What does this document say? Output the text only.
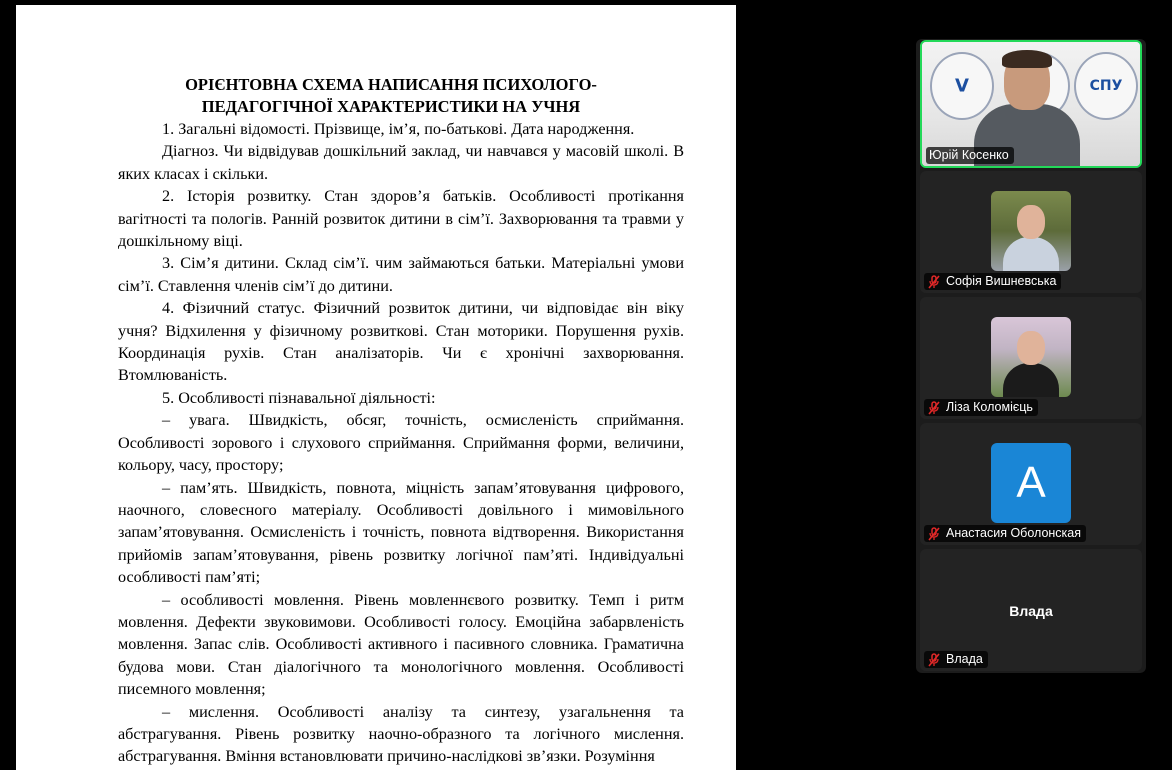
ОРІЄНТОВНА СХЕМА НАПИСАННЯ ПСИХОЛОГО-
ПЕДАГОГІЧНОЇ ХАРАКТЕРИСТИКИ НА УЧНЯ

1. Загальні відомості. Прізвище, ім’я, по-батькові. Дата народження.

Діагноз. Чи відвідував дошкільний заклад, чи навчався у масовій школі. В яких класах і скільки.

2. Історія розвитку. Стан здоров’я батьків. Особливості протікання вагітності та пологів. Ранній розвиток дитини в сім’ї. Захворювання та травми у дошкільному віці.

3. Сім’я дитини. Склад сім’ї. чим займаються батьки. Матеріальні умови сім’ї. Ставлення членів сім’ї до дитини.

4. Фізичний статус. Фізичний розвиток дитини, чи відповідає він віку учня? Відхилення у фізичному розвиткові. Стан моторики. Порушення рухів. Координація рухів. Стан аналізаторів. Чи є хронічні захворювання. Втомлюваність.

5. Особливості пізнавальної діяльності:

– увага. Швидкість, обсяг, точність, осмисленість сприймання. Особливості зорового і слухового сприймання. Сприймання форми, величини, кольору, часу, простору;

– пам’ять. Швидкість, повнота, міцність запам’ятовування цифрового, наочного, словесного матеріалу. Особливості довільного і мимовільного запам’ятовування. Осмисленість і точність, повнота відтворення. Використання прийомів запам’ятовування, рівень розвитку логічної пам’яті. Індивідуальні особливості пам’яті;

– особливості мовлення. Рівень мовленнєвого розвитку. Темп і ритм мовлення. Дефекти звуковимови. Особливості голосу. Емоційна забарвленість мовлення. Запас слів. Особливості активного і пасивного словника. Граматична будова мови. Стан діалогічного та монологічного мовлення. Особливості писемного мовлення;

– мислення. Особливості аналізу та синтезу, узагальнення та абстрагування. Рівень розвитку наочно-образного та логічного мислення. абстрагування. Вміння встановлювати причино-наслідкові зв’язки. Розуміння

V	СПУ
Юрій Косенко
Софія Вишневська
Ліза Коломієць
А
Анастасия Оболонская
Влада
Влада
